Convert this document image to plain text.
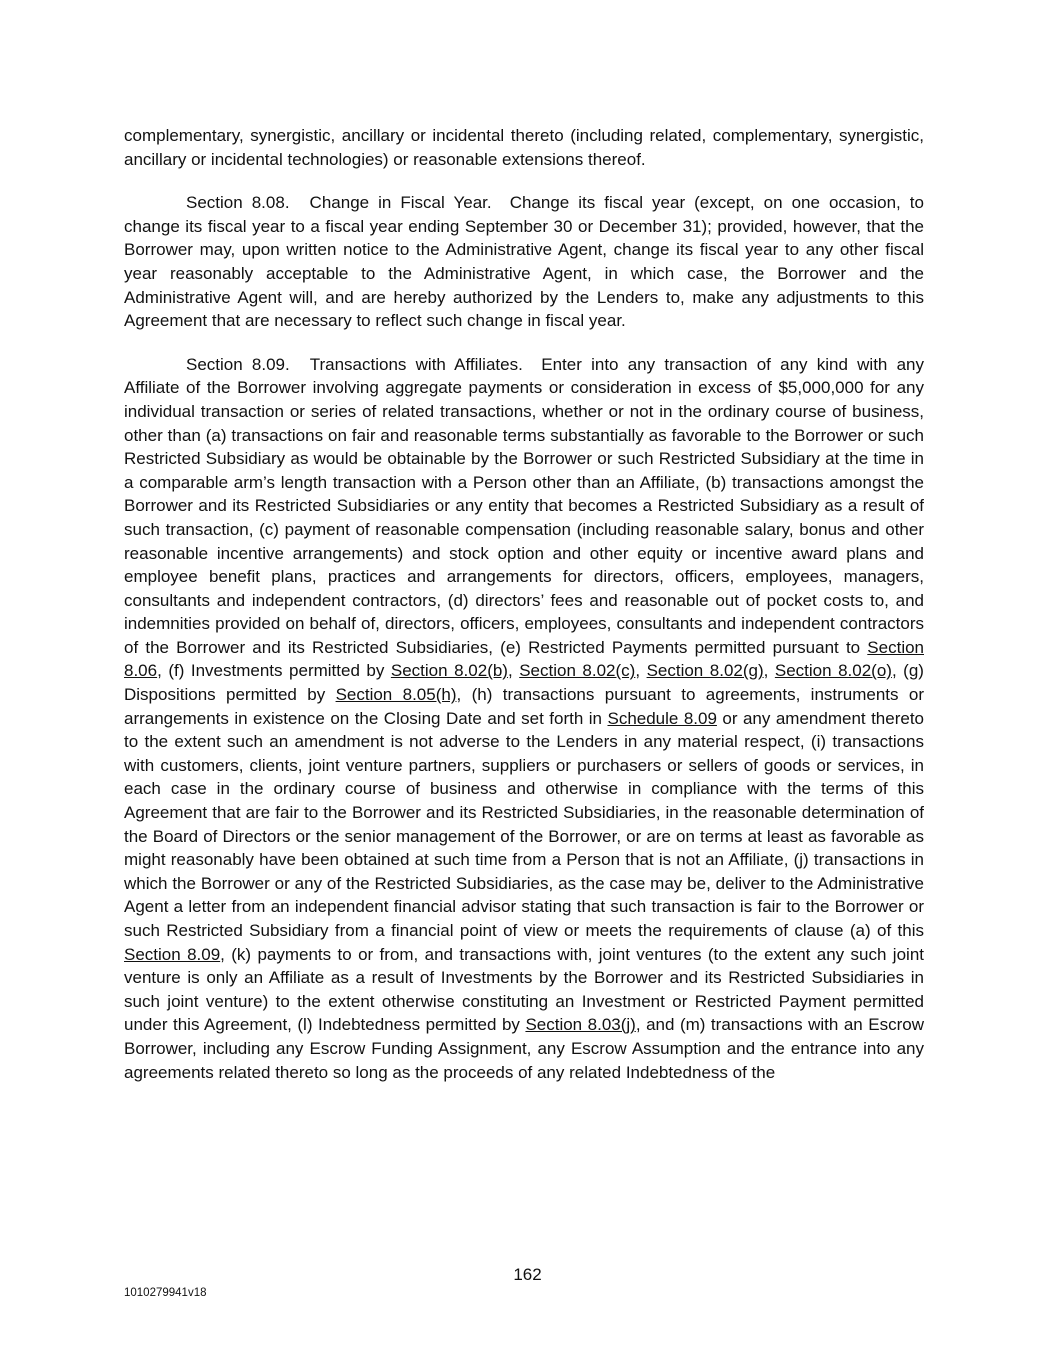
complementary, synergistic, ancillary or incidental thereto (including related, complementary, synergistic, ancillary or incidental technologies) or reasonable extensions thereof.

Section 8.08. Change in Fiscal Year. Change its fiscal year (except, on one occasion, to change its fiscal year to a fiscal year ending September 30 or December 31); provided, however, that the Borrower may, upon written notice to the Administrative Agent, change its fiscal year to any other fiscal year reasonably acceptable to the Administrative Agent, in which case, the Borrower and the Administrative Agent will, and are hereby authorized by the Lenders to, make any adjustments to this Agreement that are necessary to reflect such change in fiscal year.

Section 8.09. Transactions with Affiliates. Enter into any transaction of any kind with any Affiliate of the Borrower involving aggregate payments or consideration in excess of $5,000,000 for any individual transaction or series of related transactions, whether or not in the ordinary course of business, other than (a) transactions on fair and reasonable terms substantially as favorable to the Borrower or such Restricted Subsidiary as would be obtainable by the Borrower or such Restricted Subsidiary at the time in a comparable arm’s length transaction with a Person other than an Affiliate, (b) transactions amongst the Borrower and its Restricted Subsidiaries or any entity that becomes a Restricted Subsidiary as a result of such transaction, (c) payment of reasonable compensation (including reasonable salary, bonus and other reasonable incentive arrangements) and stock option and other equity or incentive award plans and employee benefit plans, practices and arrangements for directors, officers, employees, managers, consultants and independent contractors, (d) directors’ fees and reasonable out of pocket costs to, and indemnities provided on behalf of, directors, officers, employees, consultants and independent contractors of the Borrower and its Restricted Subsidiaries, (e) Restricted Payments permitted pursuant to Section 8.06, (f) Investments permitted by Section 8.02(b), Section 8.02(c), Section 8.02(g), Section 8.02(o), (g) Dispositions permitted by Section 8.05(h), (h) transactions pursuant to agreements, instruments or arrangements in existence on the Closing Date and set forth in Schedule 8.09 or any amendment thereto to the extent such an amendment is not adverse to the Lenders in any material respect, (i) transactions with customers, clients, joint venture partners, suppliers or purchasers or sellers of goods or services, in each case in the ordinary course of business and otherwise in compliance with the terms of this Agreement that are fair to the Borrower and its Restricted Subsidiaries, in the reasonable determination of the Board of Directors or the senior management of the Borrower, or are on terms at least as favorable as might reasonably have been obtained at such time from a Person that is not an Affiliate, (j) transactions in which the Borrower or any of the Restricted Subsidiaries, as the case may be, deliver to the Administrative Agent a letter from an independent financial advisor stating that such transaction is fair to the Borrower or such Restricted Subsidiary from a financial point of view or meets the requirements of clause (a) of this Section 8.09, (k) payments to or from, and transactions with, joint ventures (to the extent any such joint venture is only an Affiliate as a result of Investments by the Borrower and its Restricted Subsidiaries in such joint venture) to the extent otherwise constituting an Investment or Restricted Payment permitted under this Agreement, (l) Indebtedness permitted by Section 8.03(j), and (m) transactions with an Escrow Borrower, including any Escrow Funding Assignment, any Escrow Assumption and the entrance into any agreements related thereto so long as the proceeds of any related Indebtedness of the

162
1010279941v18
